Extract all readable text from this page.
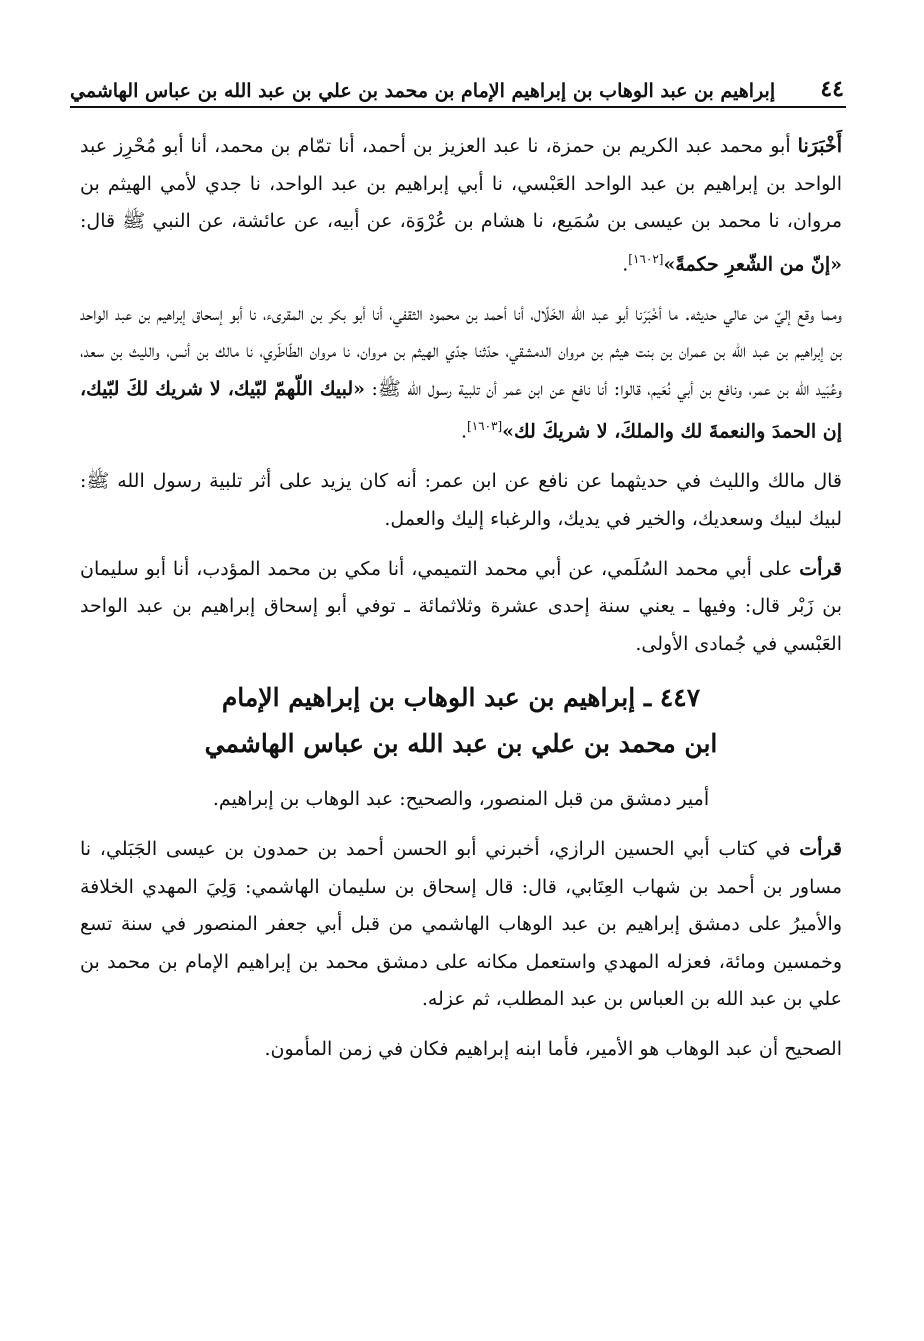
٤٤
إبراهيم بن عبد الوهاب بن إبراهيم الإمام بن محمد بن علي بن عبد الله بن عباس الهاشمي

أَخْبَرَنا أبو محمد عبد الكريم بن حمزة، نا عبد العزيز بن أحمد، أنا تمّام بن محمد، أنا أبو مُحْرِز عبد الواحد بن إبراهيم بن عبد الواحد العَبْسي، نا أبي إبراهيم بن عبد الواحد، نا جدي لأمي الهيثم بن مروان، نا محمد بن عيسى بن سُمَيع، نا هشام بن عُرْوَة، عن أبيه، عن عائشة، عن النبي ﷺ قال: «إنّ من الشّعرِ حكمةً»[١٦٠٢].

ومما وقع إليّ من عالي حديثه. ما أخْبَرَنا أبو عبد الله الخَلّال، أنا أحمد بن محمود الثقفي، أنا أبو بكر بن المقرىء، نا أبو إسحاق إبراهيم بن عبد الواحد بن إبراهيم بن عبد الله بن عمران بن بنت هيثم بن مروان الدمشقي، حدّثنا جدّي الهيثم بن مروان، نا مروان الطّاطَري، نا مالك بن أنس، والليث بن سعد، وعُبَيد الله بن عمر، ونافع بن أبي نُعَيم، قالوا: أنا نافع عن ابن عمر أن تلبية رسول الله ﷺ: «لبيك اللّهمّ لبّيك، لا شريك لكَ لبّيك، إن الحمدَ والنعمةَ لك والملكَ، لا شريكَ لك»[١٦٠٣].

قال مالك والليث في حديثهما عن نافع عن ابن عمر: أنه كان يزيد على أثر تلبية رسول الله ﷺ: لبيك لبيك وسعديك، والخير في يديك، والرغباء إليك والعمل.

قرأت على أبي محمد السُلَمي، عن أبي محمد التميمي، أنا مكي بن محمد المؤدب، أنا أبو سليمان بن زَبْر قال: وفيها ـ يعني سنة إحدى عشرة وثلاثمائة ـ توفي أبو إسحاق إبراهيم بن عبد الواحد العَبْسي في جُمادى الأولى.

٤٤٧ ـ إبراهيم بن عبد الوهاب بن إبراهيم الإمام
ابن محمد بن علي بن عبد الله بن عباس الهاشمي

أمير دمشق من قبل المنصور، والصحيح: عبد الوهاب بن إبراهيم.

قرأت في كتاب أبي الحسين الرازي، أخبرني أبو الحسن أحمد بن حمدون بن عيسى الجَبَلي، نا مساور بن أحمد بن شهاب العِتَابي، قال: قال إسحاق بن سليمان الهاشمي: وَلِيَ المهدي الخلافة والأميرُ على دمشق إبراهيم بن عبد الوهاب الهاشمي من قبل أبي جعفر المنصور في سنة تسع وخمسين ومائة، فعزله المهدي واستعمل مكانه على دمشق محمد بن إبراهيم الإمام بن محمد بن علي بن عبد الله بن العباس بن عبد المطلب، ثم عزله.

الصحيح أن عبد الوهاب هو الأمير، فأما ابنه إبراهيم فكان في زمن المأمون.
